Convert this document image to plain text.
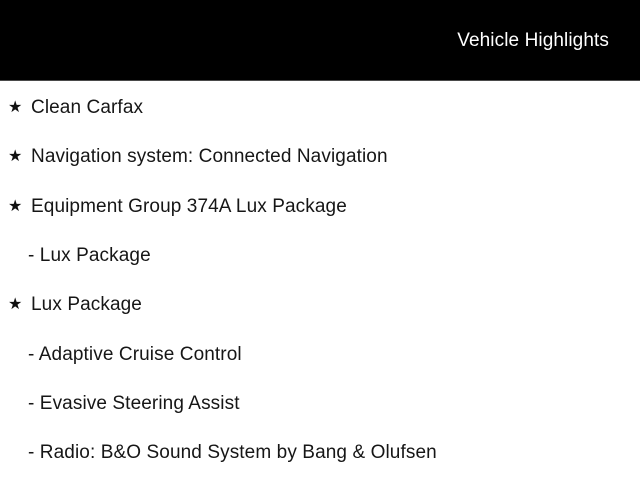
Vehicle Highlights
★ Clean Carfax
★ Navigation system: Connected Navigation
★ Equipment Group 374A Lux Package
- Lux Package
★ Lux Package
- Adaptive Cruise Control
- Evasive Steering Assist
- Radio: B&O Sound System by Bang & Olufsen
